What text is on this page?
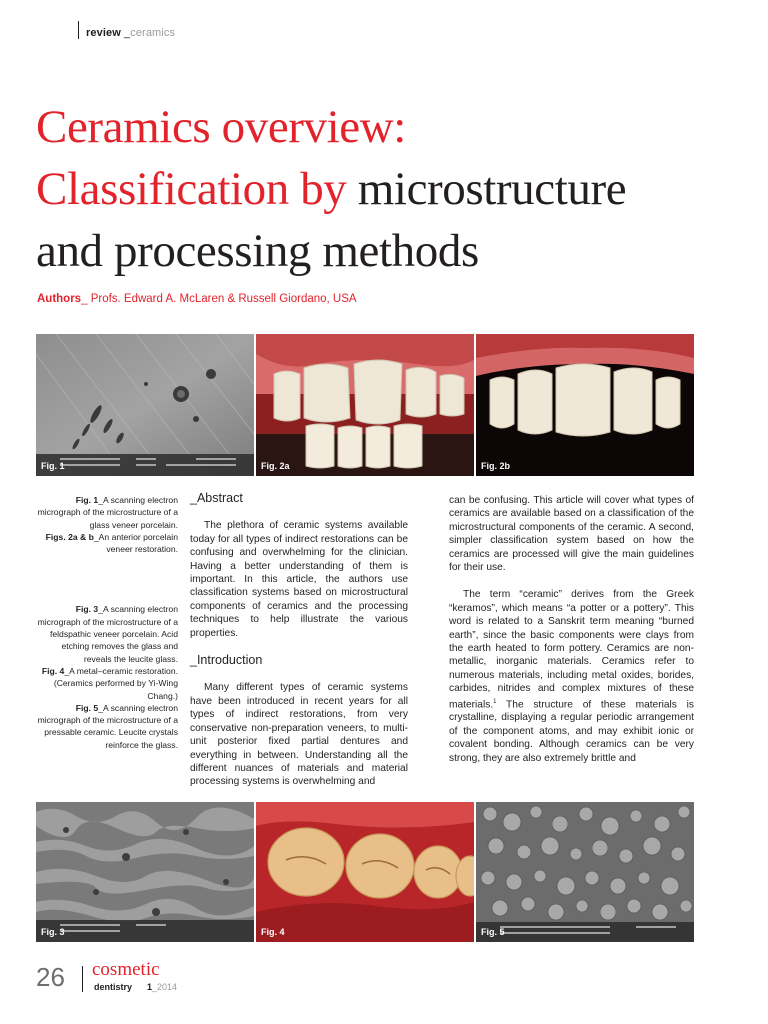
review _ceramics
Ceramics overview:
Classification by microstructure
and processing methods
Authors_ Profs. Edward A. McLaren & Russell Giordano, USA
Fig. 1	Fig. 2a	Fig. 2b

Fig. 1_A scanning electron micrograph of the microstructure of a glass veneer porcelain.

Figs. 2a & b_An anterior porcelain veneer restoration.

Fig. 3_A scanning electron micrograph of the microstructure of a feldspathic veneer porcelain. Acid etching removes the glass and reveals the leucite glass.

Fig. 4_A metal–ceramic restoration. (Ceramics performed by Yi-Wing Chang.)

Fig. 5_A scanning electron micrograph of the microstructure of a pressable ceramic. Leucite crystals reinforce the glass.

_Abstract

The plethora of ceramic systems available today for all types of indirect restorations can be confusing and overwhelming for the clinician. Having a better understanding of them is important. In this article, the authors use classification systems based on microstructural components of ceramics and the processing techniques to help illustrate the various properties.

_Introduction

Many different types of ceramic systems have been introduced in recent years for all types of indirect restorations, from very conservative non-preparation veneers, to multi-unit posterior fixed partial dentures and everything in between. Understanding all the different nuances of materials and material processing systems is overwhelming and

can be confusing. This article will cover what types of ceramics are available based on a classification of the microstructural components of the ceramic. A second, simpler classification system based on how the ceramics are processed will give the main guidelines for their use.

The term “ceramic” derives from the Greek “keramos”, which means “a potter or a pottery”. This word is related to a Sanskrit term meaning “burned earth”, since the basic components were clays from the earth heated to form pottery. Ceramics are non-metallic, inorganic materials. Ceramics refer to numerous materials, including metal oxides, borides, carbides, nitrides and complex mixtures of these materials.$^1$ The structure of these materials is crystalline, displaying a regular periodic arrangement of the component atoms, and may exhibit ionic or covalent bonding. Although ceramics can be very strong, they are also extremely brittle and

Fig. 3	Fig. 4	Fig. 5
26 cosmetic
dentistry 1_2014
